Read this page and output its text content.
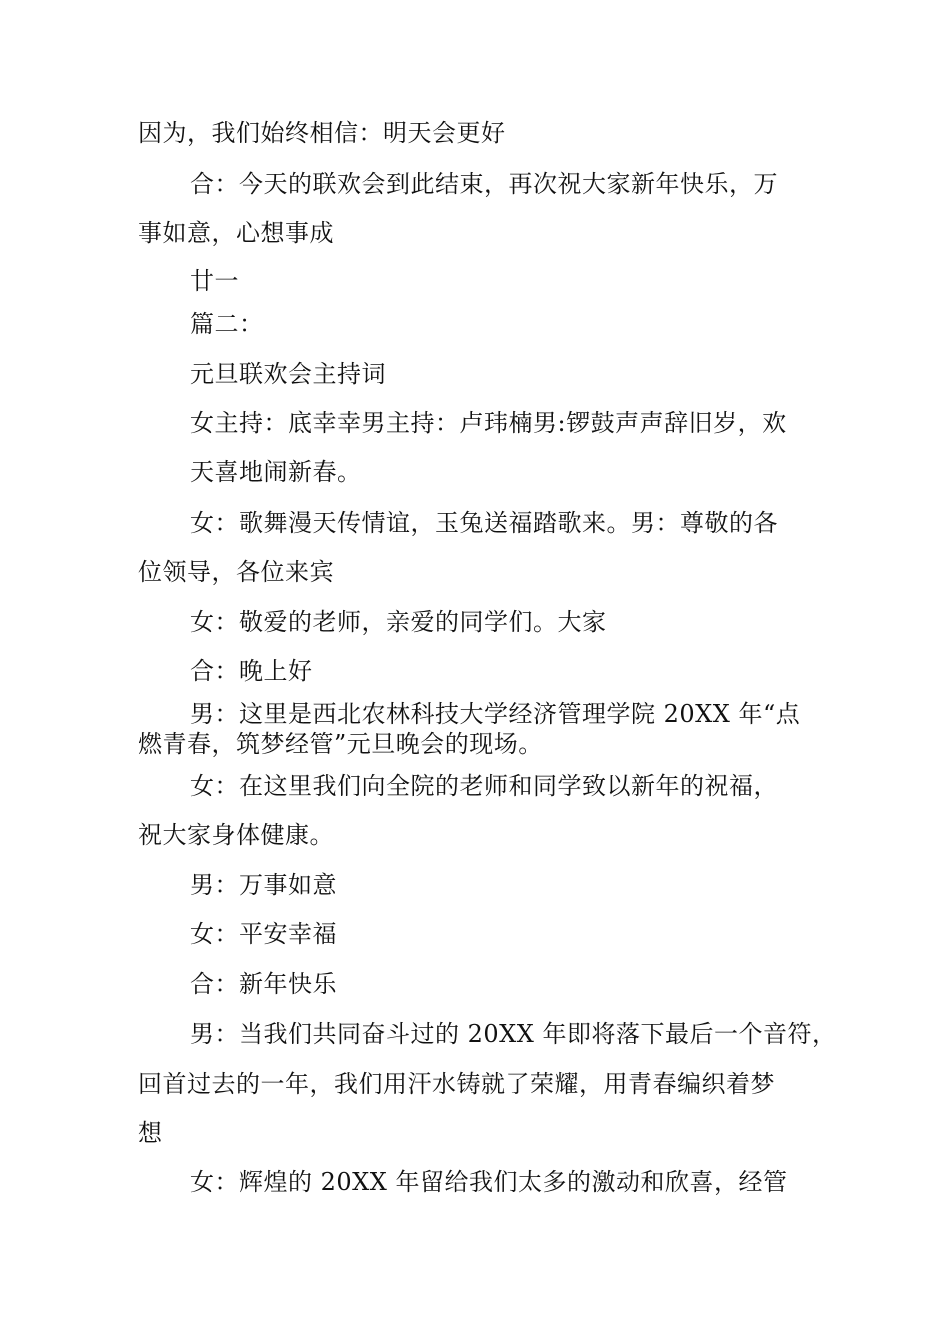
因为，我们始终相信：明天会更好
合：今天的联欢会到此结束，再次祝大家新年快乐，万
事如意，心想事成
廿一
篇二：
元旦联欢会主持词
女主持：底幸幸男主持：卢玮楠男:锣鼓声声辞旧岁，欢
天喜地闹新春。
女：歌舞漫天传情谊，玉兔送福踏歌来。男：尊敬的各
位领导，各位来宾
女：敬爱的老师，亲爱的同学们。大家
合：晚上好
男：这里是西北农林科技大学经济管理学院 20XX 年“点
燃青春，筑梦经管”元旦晚会的现场。
女：在这里我们向全院的老师和同学致以新年的祝福，
祝大家身体健康。
男：万事如意
女：平安幸福
合：新年快乐
男：当我们共同奋斗过的 20XX 年即将落下最后一个音符，
回首过去的一年，我们用汗水铸就了荣耀，用青春编织着梦
想
女：辉煌的 20XX 年留给我们太多的激动和欣喜，经管
